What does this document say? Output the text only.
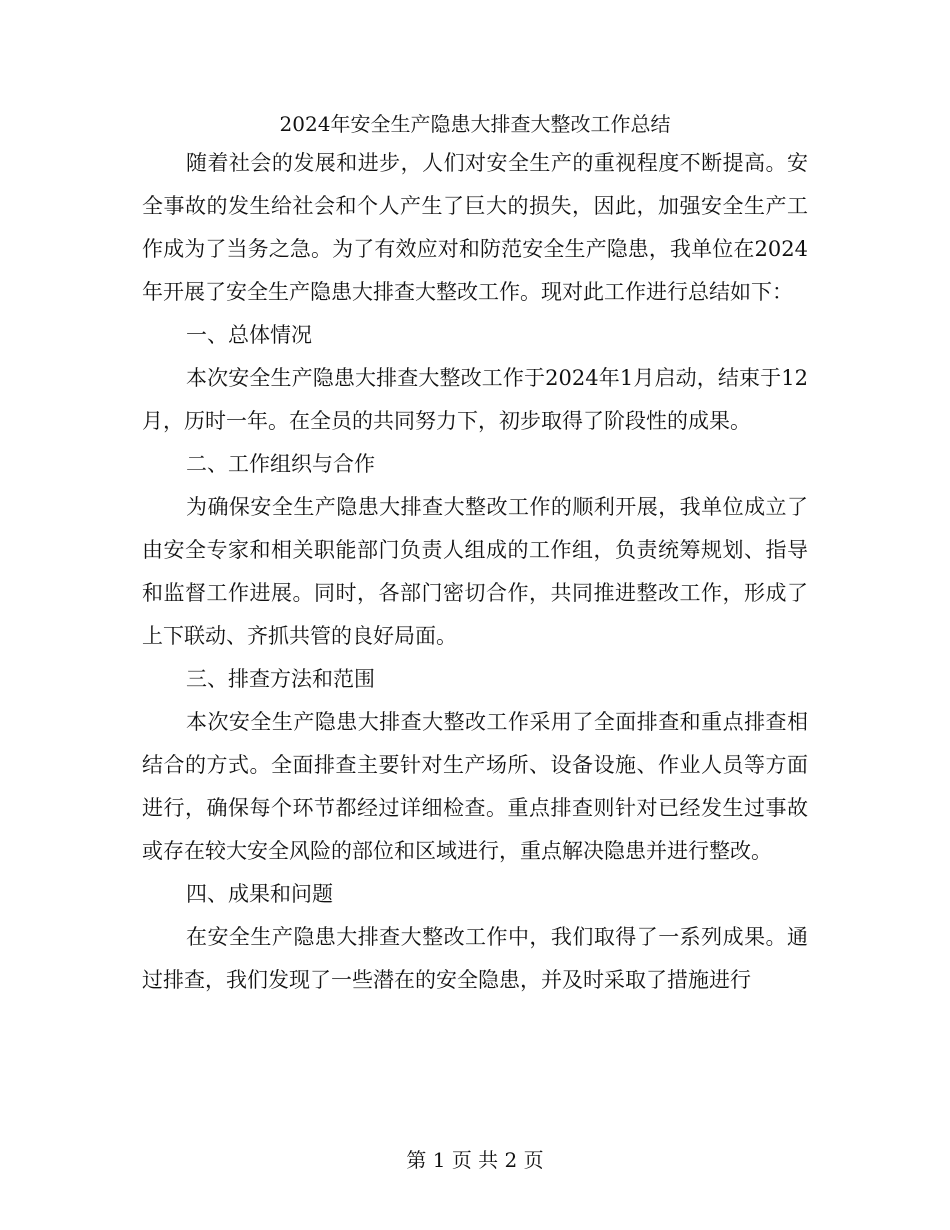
2024年安全生产隐患大排查大整改工作总结

随着社会的发展和进步，人们对安全生产的重视程度不断提高。安全事故的发生给社会和个人产生了巨大的损失，因此，加强安全生产工作成为了当务之急。为了有效应对和防范安全生产隐患，我单位在2024年开展了安全生产隐患大排查大整改工作。现对此工作进行总结如下：

一、总体情况

本次安全生产隐患大排查大整改工作于2024年1月启动，结束于12月，历时一年。在全员的共同努力下，初步取得了阶段性的成果。

二、工作组织与合作

为确保安全生产隐患大排查大整改工作的顺利开展，我单位成立了由安全专家和相关职能部门负责人组成的工作组，负责统筹规划、指导和监督工作进展。同时，各部门密切合作，共同推进整改工作，形成了上下联动、齐抓共管的良好局面。

三、排查方法和范围

本次安全生产隐患大排查大整改工作采用了全面排查和重点排查相结合的方式。全面排查主要针对生产场所、设备设施、作业人员等方面进行，确保每个环节都经过详细检查。重点排查则针对已经发生过事故或存在较大安全风险的部位和区域进行，重点解决隐患并进行整改。

四、成果和问题

在安全生产隐患大排查大整改工作中，我们取得了一系列成果。通过排查，我们发现了一些潜在的安全隐患，并及时采取了措施进行

第 1 页 共 2 页
